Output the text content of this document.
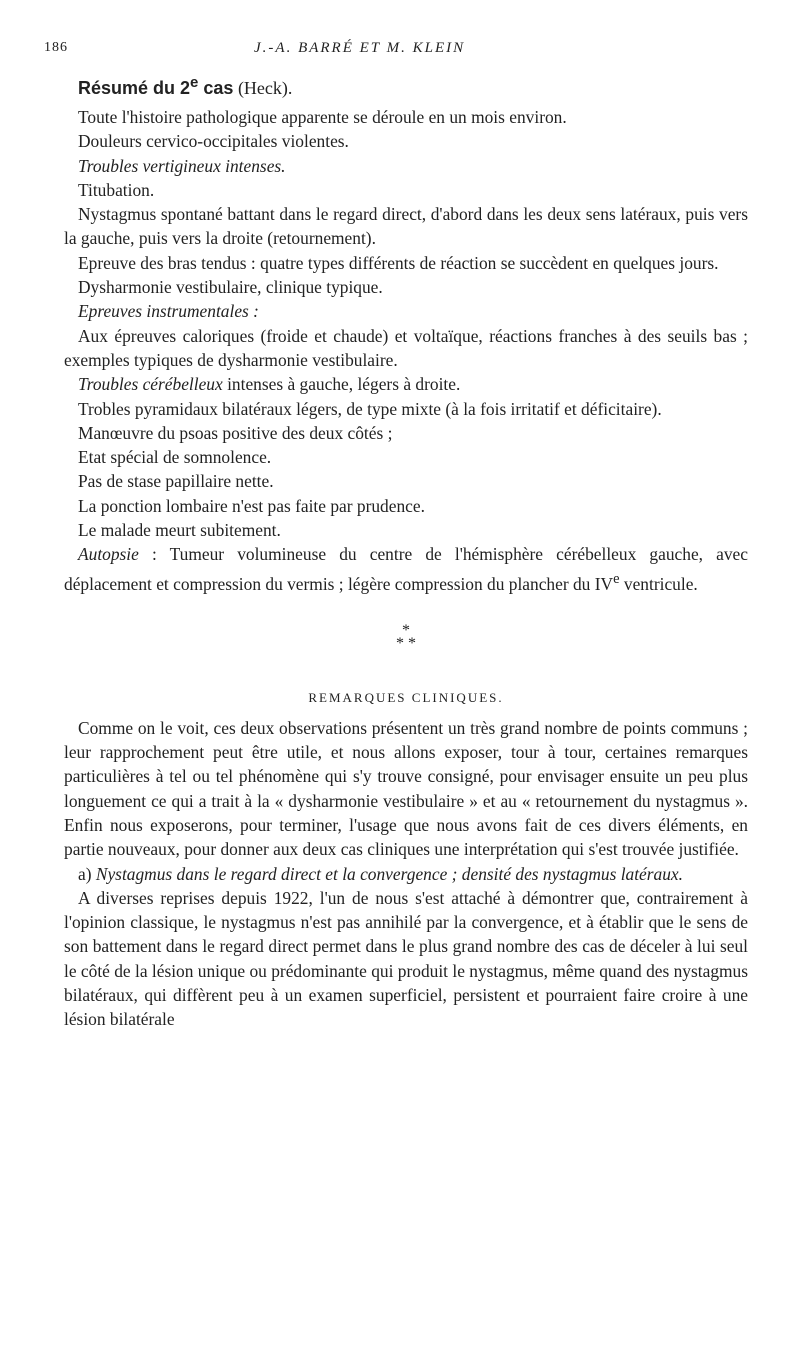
186	J.-A. BARRÉ ET M. KLEIN
Résumé du 2e cas (Heck).

Toute l'histoire pathologique apparente se déroule en un mois environ.

Douleurs cervico-occipitales violentes.

Troubles vertigineux intenses.

Titubation.

Nystagmus spontané battant dans le regard direct, d'abord dans les deux sens latéraux, puis vers la gauche, puis vers la droite (retournement).

Epreuve des bras tendus : quatre types différents de réaction se succèdent en quelques jours.

Dysharmonie vestibulaire, clinique typique.

Epreuves instrumentales :

Aux épreuves caloriques (froide et chaude) et voltaïque, réactions franches à des seuils bas ; exemples typiques de dysharmonie vestibulaire.

Troubles cérébelleux intenses à gauche, légers à droite.

Trobles pyramidaux bilatéraux légers, de type mixte (à la fois irritatif et déficitaire).

Manœuvre du psoas positive des deux côtés ;

Etat spécial de somnolence.

Pas de stase papillaire nette.

La ponction lombaire n'est pas faite par prudence.

Le malade meurt subitement.

Autopsie : Tumeur volumineuse du centre de l'hémisphère cérébelleux gauche, avec déplacement et compression du vermis ; légère compression du plancher du IVe ventricule.

*
* *
REMARQUES CLINIQUES.

Comme on le voit, ces deux observations présentent un très grand nombre de points communs ; leur rapprochement peut être utile, et nous allons exposer, tour à tour, certaines remarques particulières à tel ou tel phénomène qui s'y trouve consigné, pour envisager ensuite un peu plus longuement ce qui a trait à la « dysharmonie vestibulaire » et au « retournement du nystagmus ». Enfin nous exposerons, pour terminer, l'usage que nous avons fait de ces divers éléments, en partie nouveaux, pour donner aux deux cas cliniques une interprétation qui s'est trouvée justifiée.

a) Nystagmus dans le regard direct et la convergence ; densité des nystagmus latéraux.

A diverses reprises depuis 1922, l'un de nous s'est attaché à démontrer que, contrairement à l'opinion classique, le nystagmus n'est pas annihilé par la convergence, et à établir que le sens de son battement dans le regard direct permet dans le plus grand nombre des cas de déceler à lui seul le côté de la lésion unique ou prédominante qui produit le nystagmus, même quand des nystagmus bilatéraux, qui diffèrent peu à un examen superficiel, persistent et pourraient faire croire à une lésion bilatérale
